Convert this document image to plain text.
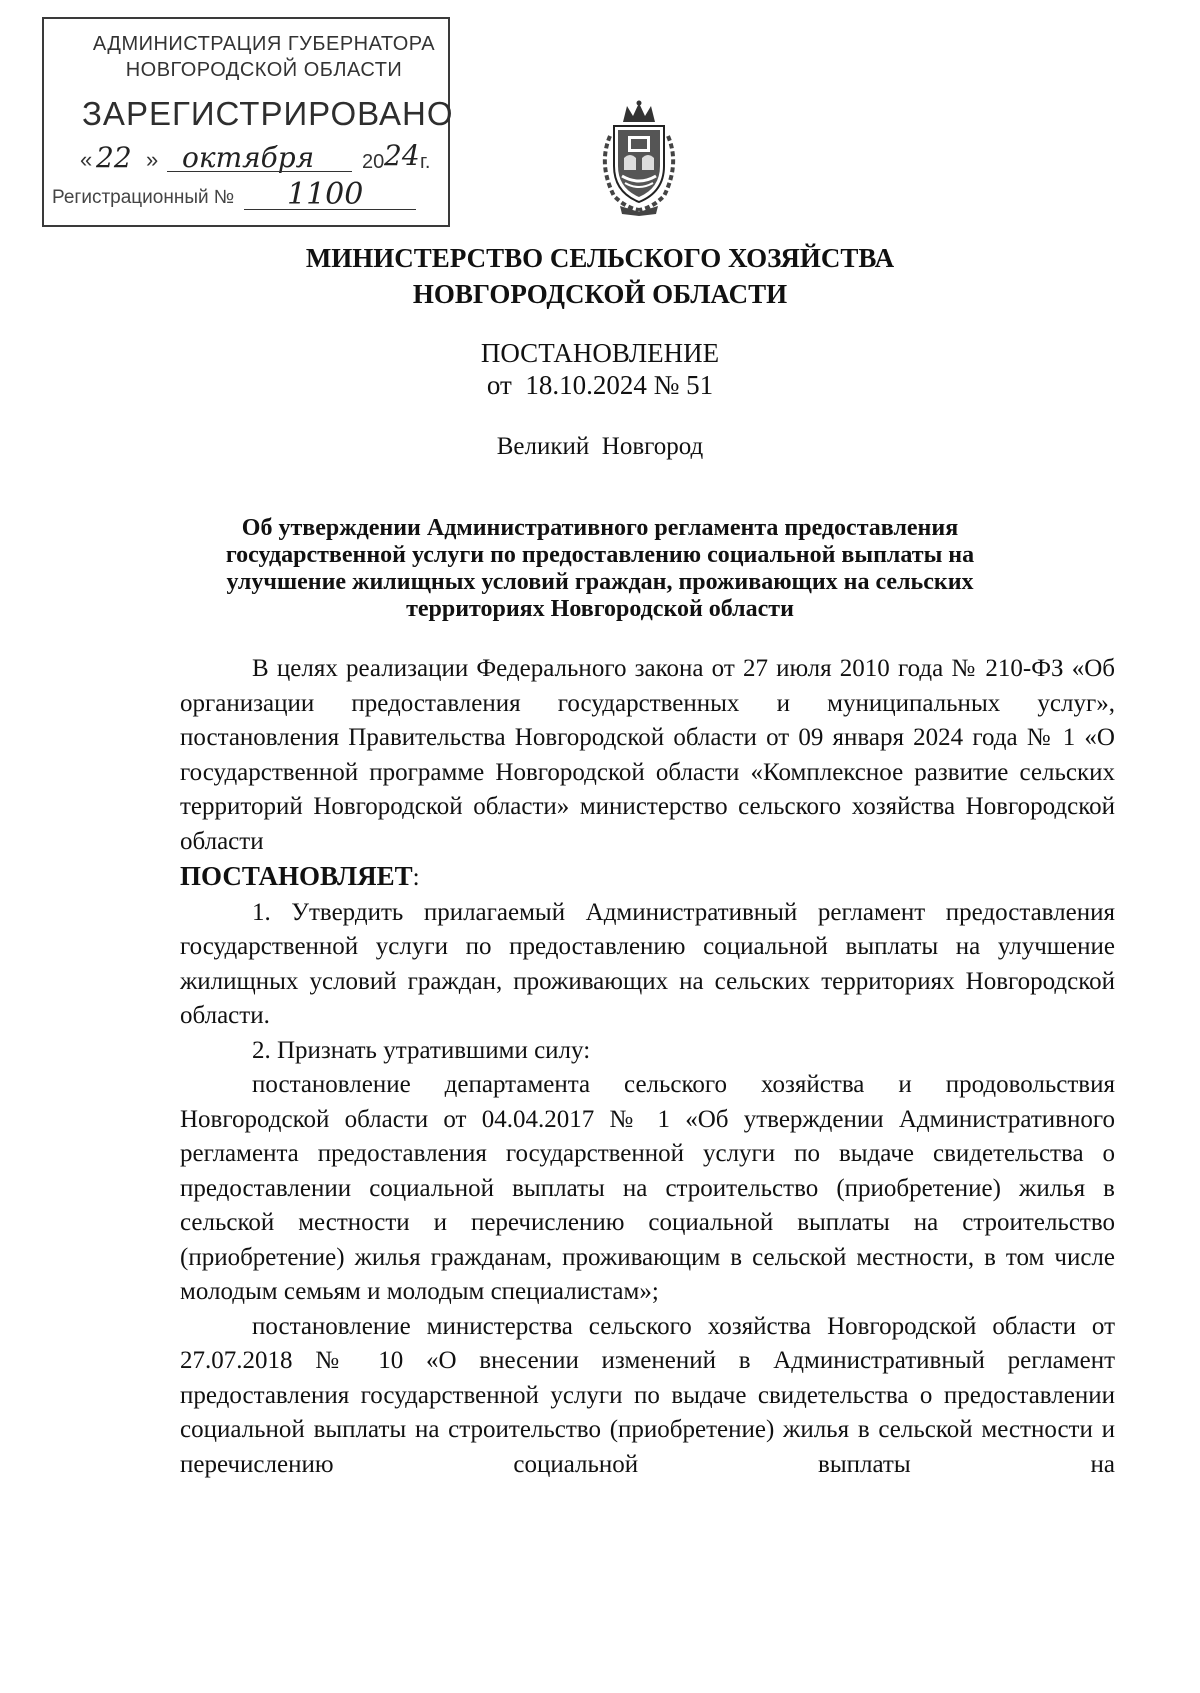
АДМИНИСТРАЦИЯ ГУБЕРНАТОРА
НОВГОРОДСКОЙ ОБЛАСТИ
ЗАРЕГИСТРИРОВАНО
« 22 » октября 20 24 г.
Регистрационный № 1100
МИНИСТЕРСТВО СЕЛЬСКОГО ХОЗЯЙСТВА
НОВГОРОДСКОЙ ОБЛАСТИ
ПОСТАНОВЛЕНИЕ
от  18.10.2024 № 51
Великий  Новгород
Об утверждении Административного регламента предоставления
государственной услуги по предоставлению социальной выплаты на
улучшение жилищных условий граждан, проживающих на сельских
территориях Новгородской области

В целях реализации Федерального закона от 27 июля 2010 года № 210-ФЗ «Об организации предоставления государственных и муниципальных услуг», постановления Правительства Новгородской области от 09 января 2024 года № 1 «О государственной программе Новгородской области «Комплексное развитие сельских территорий Новгородской области» министерство сельского хозяйства Новгородской области

ПОСТАНОВЛЯЕТ:

1. Утвердить прилагаемый Административный регламент предоставления государственной услуги по предоставлению социальной выплаты на улучшение жилищных условий граждан, проживающих на сельских территориях Новгородской области.

2. Признать утратившими силу:

постановление департамента сельского хозяйства и продовольствия Новгородской области от 04.04.2017 № 1 «Об утверждении Административного регламента предоставления государственной услуги по выдаче свидетельства о предоставлении социальной выплаты на строительство (приобретение) жилья в сельской местности и перечислению социальной выплаты на строительство (приобретение) жилья гражданам, проживающим в сельской местности, в том числе молодым семьям и молодым специалистам»;

постановление министерства сельского хозяйства Новгородской области от 27.07.2018 № 10 «О внесении изменений в Административный регламент предоставления государственной услуги по выдаче свидетельства о предоставлении социальной выплаты на строительство (приобретение) жилья в сельской местности и перечислению социальной выплаты на
